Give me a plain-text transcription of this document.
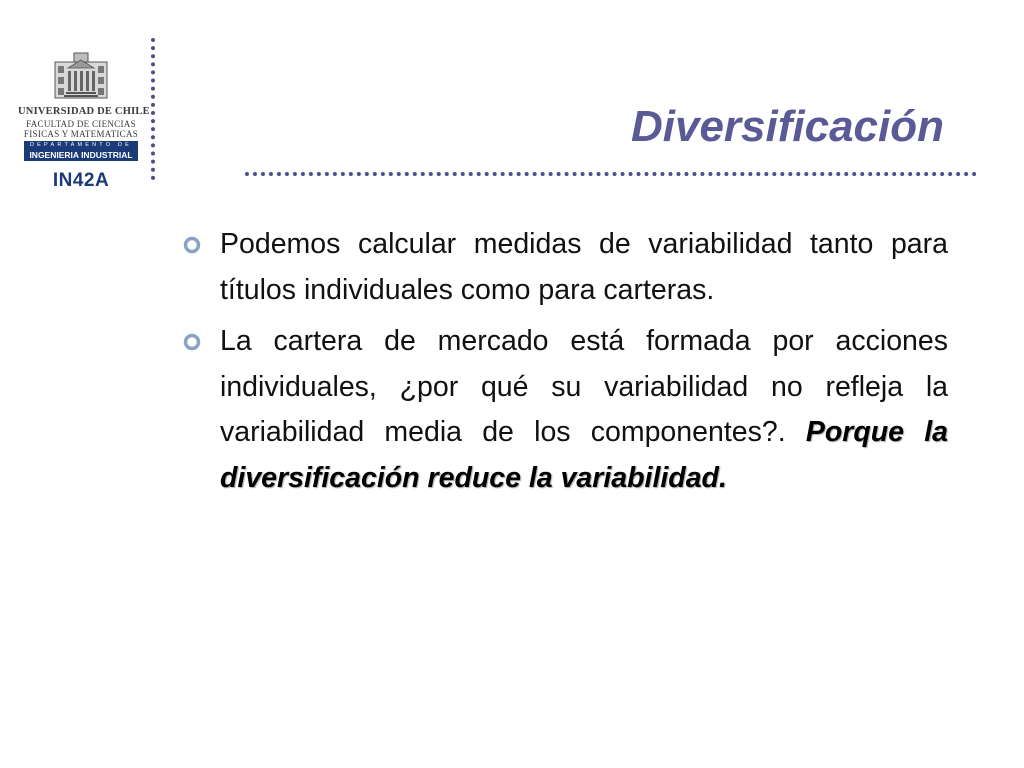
UNIVERSIDAD DE CHILE
FACULTAD DE CIENCIAS
FISICAS Y MATEMATICAS
DEPARTAMENTO DE
INGENIERIA INDUSTRIAL
IN42A
Diversificación
Podemos calcular medidas de variabilidad tanto para títulos individuales como para carteras.
La cartera de mercado está formada por acciones individuales, ¿por qué su variabilidad no refleja la variabilidad media de los componentes?. Porque la diversificación reduce la variabilidad.
